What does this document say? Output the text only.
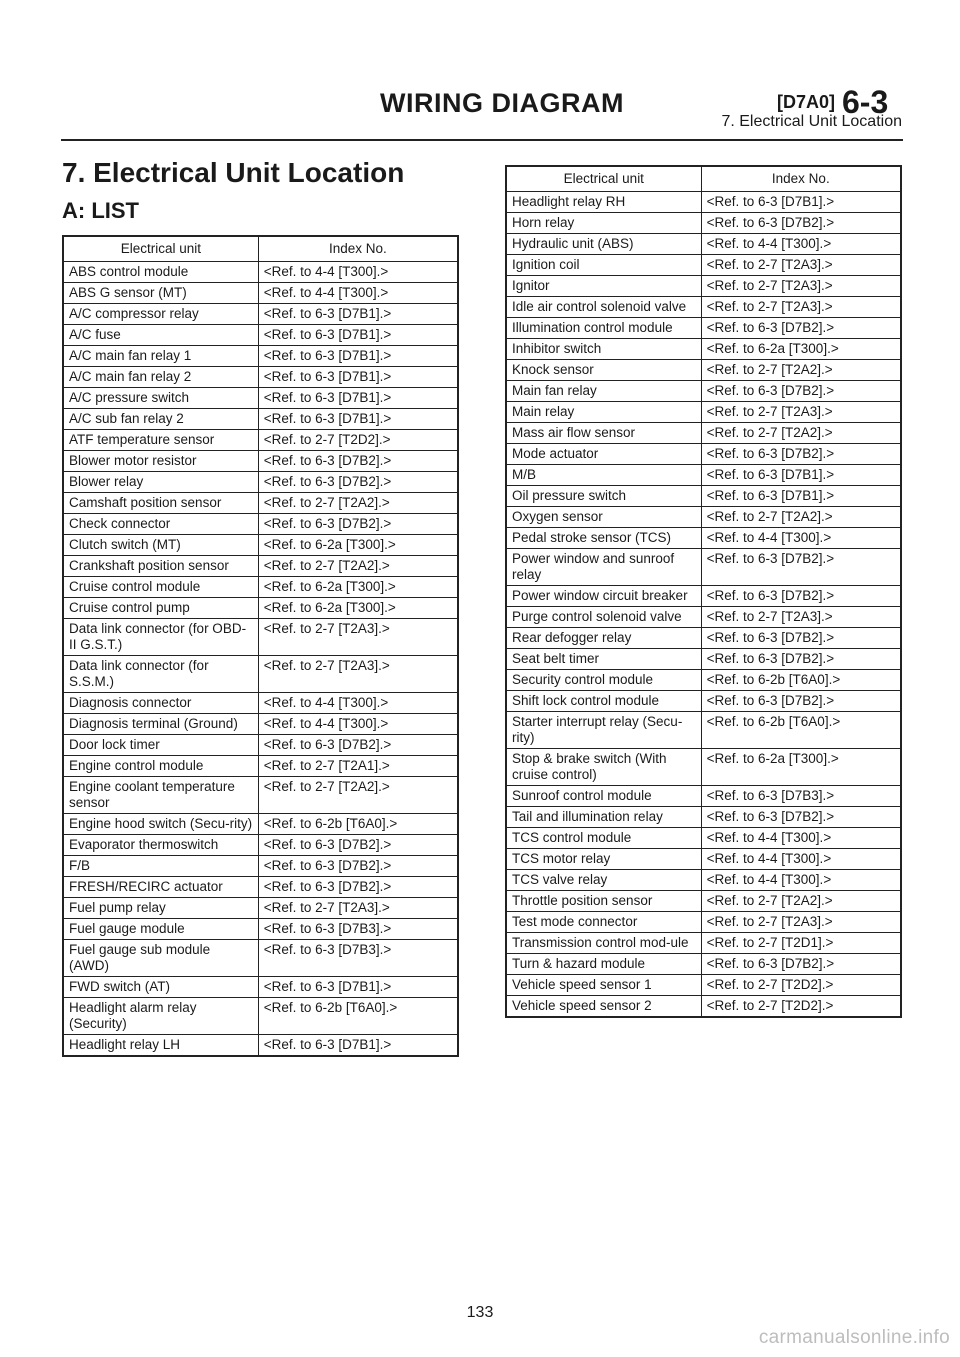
WIRING DIAGRAM	[D7A0] 6-3
7. Electrical Unit Location
7. Electrical Unit Location
A: LIST
Electrical unit	Index No.
ABS control module	<Ref. to 4-4 [T300].>
ABS G sensor (MT)	<Ref. to 4-4 [T300].>
A/C compressor relay	<Ref. to 6-3 [D7B1].>
A/C fuse	<Ref. to 6-3 [D7B1].>
A/C main fan relay 1	<Ref. to 6-3 [D7B1].>
A/C main fan relay 2	<Ref. to 6-3 [D7B1].>
A/C pressure switch	<Ref. to 6-3 [D7B1].>
A/C sub fan relay 2	<Ref. to 6-3 [D7B1].>
ATF temperature sensor	<Ref. to 2-7 [T2D2].>
Blower motor resistor	<Ref. to 6-3 [D7B2].>
Blower relay	<Ref. to 6-3 [D7B2].>
Camshaft position sensor	<Ref. to 2-7 [T2A2].>
Check connector	<Ref. to 6-3 [D7B2].>
Clutch switch (MT)	<Ref. to 6-2a [T300].>
Crankshaft position sensor	<Ref. to 2-7 [T2A2].>
Cruise control module	<Ref. to 6-2a [T300].>
Cruise control pump	<Ref. to 6-2a [T300].>
Data link connector (for OBD-II G.S.T.)	<Ref. to 2-7 [T2A3].>
Data link connector (for S.S.M.)	<Ref. to 2-7 [T2A3].>
Diagnosis connector	<Ref. to 4-4 [T300].>
Diagnosis terminal (Ground)	<Ref. to 4-4 [T300].>
Door lock timer	<Ref. to 6-3 [D7B2].>
Engine control module	<Ref. to 2-7 [T2A1].>
Engine coolant temperature sensor	<Ref. to 2-7 [T2A2].>
Engine hood switch (Secu-rity)	<Ref. to 6-2b [T6A0].>
Evaporator thermoswitch	<Ref. to 6-3 [D7B2].>
F/B	<Ref. to 6-3 [D7B2].>
FRESH/RECIRC actuator	<Ref. to 6-3 [D7B2].>
Fuel pump relay	<Ref. to 2-7 [T2A3].>
Fuel gauge module	<Ref. to 6-3 [D7B3].>
Fuel gauge sub module (AWD)	<Ref. to 6-3 [D7B3].>
FWD switch (AT)	<Ref. to 6-3 [D7B1].>
Headlight alarm relay (Security)	<Ref. to 6-2b [T6A0].>
Headlight relay LH	<Ref. to 6-3 [D7B1].>
Electrical unit	Index No.
Headlight relay RH	<Ref. to 6-3 [D7B1].>
Horn relay	<Ref. to 6-3 [D7B2].>
Hydraulic unit (ABS)	<Ref. to 4-4 [T300].>
Ignition coil	<Ref. to 2-7 [T2A3].>
Ignitor	<Ref. to 2-7 [T2A3].>
Idle air control solenoid valve	<Ref. to 2-7 [T2A3].>
Illumination control module	<Ref. to 6-3 [D7B2].>
Inhibitor switch	<Ref. to 6-2a [T300].>
Knock sensor	<Ref. to 2-7 [T2A2].>
Main fan relay	<Ref. to 6-3 [D7B2].>
Main relay	<Ref. to 2-7 [T2A3].>
Mass air flow sensor	<Ref. to 2-7 [T2A2].>
Mode actuator	<Ref. to 6-3 [D7B2].>
M/B	<Ref. to 6-3 [D7B1].>
Oil pressure switch	<Ref. to 6-3 [D7B1].>
Oxygen sensor	<Ref. to 2-7 [T2A2].>
Pedal stroke sensor (TCS)	<Ref. to 4-4 [T300].>
Power window and sunroof relay	<Ref. to 6-3 [D7B2].>
Power window circuit breaker	<Ref. to 6-3 [D7B2].>
Purge control solenoid valve	<Ref. to 2-7 [T2A3].>
Rear defogger relay	<Ref. to 6-3 [D7B2].>
Seat belt timer	<Ref. to 6-3 [D7B2].>
Security control module	<Ref. to 6-2b [T6A0].>
Shift lock control module	<Ref. to 6-3 [D7B2].>
Starter interrupt relay (Secu-rity)	<Ref. to 6-2b [T6A0].>
Stop & brake switch (With cruise control)	<Ref. to 6-2a [T300].>
Sunroof control module	<Ref. to 6-3 [D7B3].>
Tail and illumination relay	<Ref. to 6-3 [D7B2].>
TCS control module	<Ref. to 4-4 [T300].>
TCS motor relay	<Ref. to 4-4 [T300].>
TCS valve relay	<Ref. to 4-4 [T300].>
Throttle position sensor	<Ref. to 2-7 [T2A2].>
Test mode connector	<Ref. to 2-7 [T2A3].>
Transmission control mod-ule	<Ref. to 2-7 [T2D1].>
Turn & hazard module	<Ref. to 6-3 [D7B2].>
Vehicle speed sensor 1	<Ref. to 2-7 [T2D2].>
Vehicle speed sensor 2	<Ref. to 2-7 [T2D2].>
133
carmanualsonline.info
